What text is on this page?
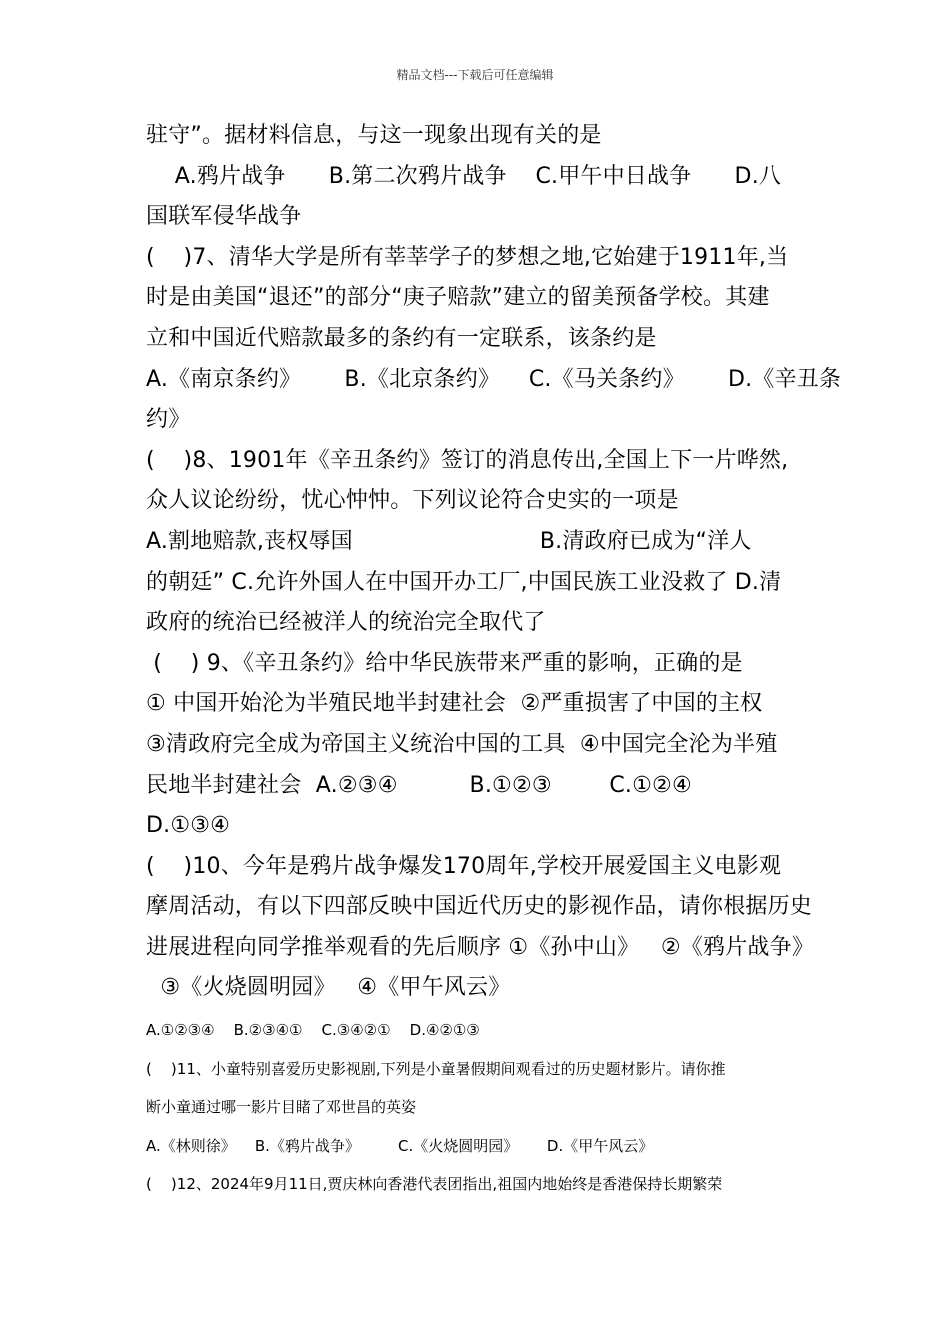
精品文档---下载后可任意编辑
驻守”。据材料信息，与这一现象出现有关的是
A.鸦片战争      B.第二次鸦片战争    C.甲午中日战争      D.八
国联军侵华战争
(    )7、清华大学是所有莘莘学子的梦想之地,它始建于1911年,当
时是由美国“退还”的部分“庚子赔款”建立的留美预备学校。其建
立和中国近代赔款最多的条约有一定联系，该条约是
A.《南京条约》      B.《北京条约》    C.《马关条约》      D.《辛丑条
约》
(    )8、1901年《辛丑条约》签订的消息传出,全国上下一片哗然,
众人议论纷纷，忧心忡忡。下列议论符合史实的一项是
A.割地赔款,丧权辱国                          B.清政府已成为“洋人
的朝廷” C.允许外国人在中国开办工厂,中国民族工业没救了 D.清
政府的统治已经被洋人的统治完全取代了
(    ) 9、《辛丑条约》给中华民族带来严重的影响，正确的是
① 中国开始沦为半殖民地半封建社会  ②严重损害了中国的主权
③清政府完全成为帝国主义统治中国的工具  ④中国完全沦为半殖
民地半封建社会  A.②③④          B.①②③        C.①②④
D.①③④
(    )10、今年是鸦片战争爆发170周年,学校开展爱国主义电影观
摩周活动，有以下四部反映中国近代历史的影视作品，请你根据历史
进展进程向同学推举观看的先后顺序 ①《孙中山》   ②《鸦片战争》
③《火烧圆明园》   ④《甲午风云》
A.①②③④    B.②③④①    C.③④②①    D.④②①③
(    )11、小童特别喜爱历史影视剧,下列是小童暑假期间观看过的历史题材影片。请你推
断小童通过哪一影片目睹了邓世昌的英姿
A.《林则徐》    B.《鸦片战争》        C.《火烧圆明园》      D.《甲午风云》
(    )12、2024年9月11日,贾庆林向香港代表团指出,祖国内地始终是香港保持长期繁荣
